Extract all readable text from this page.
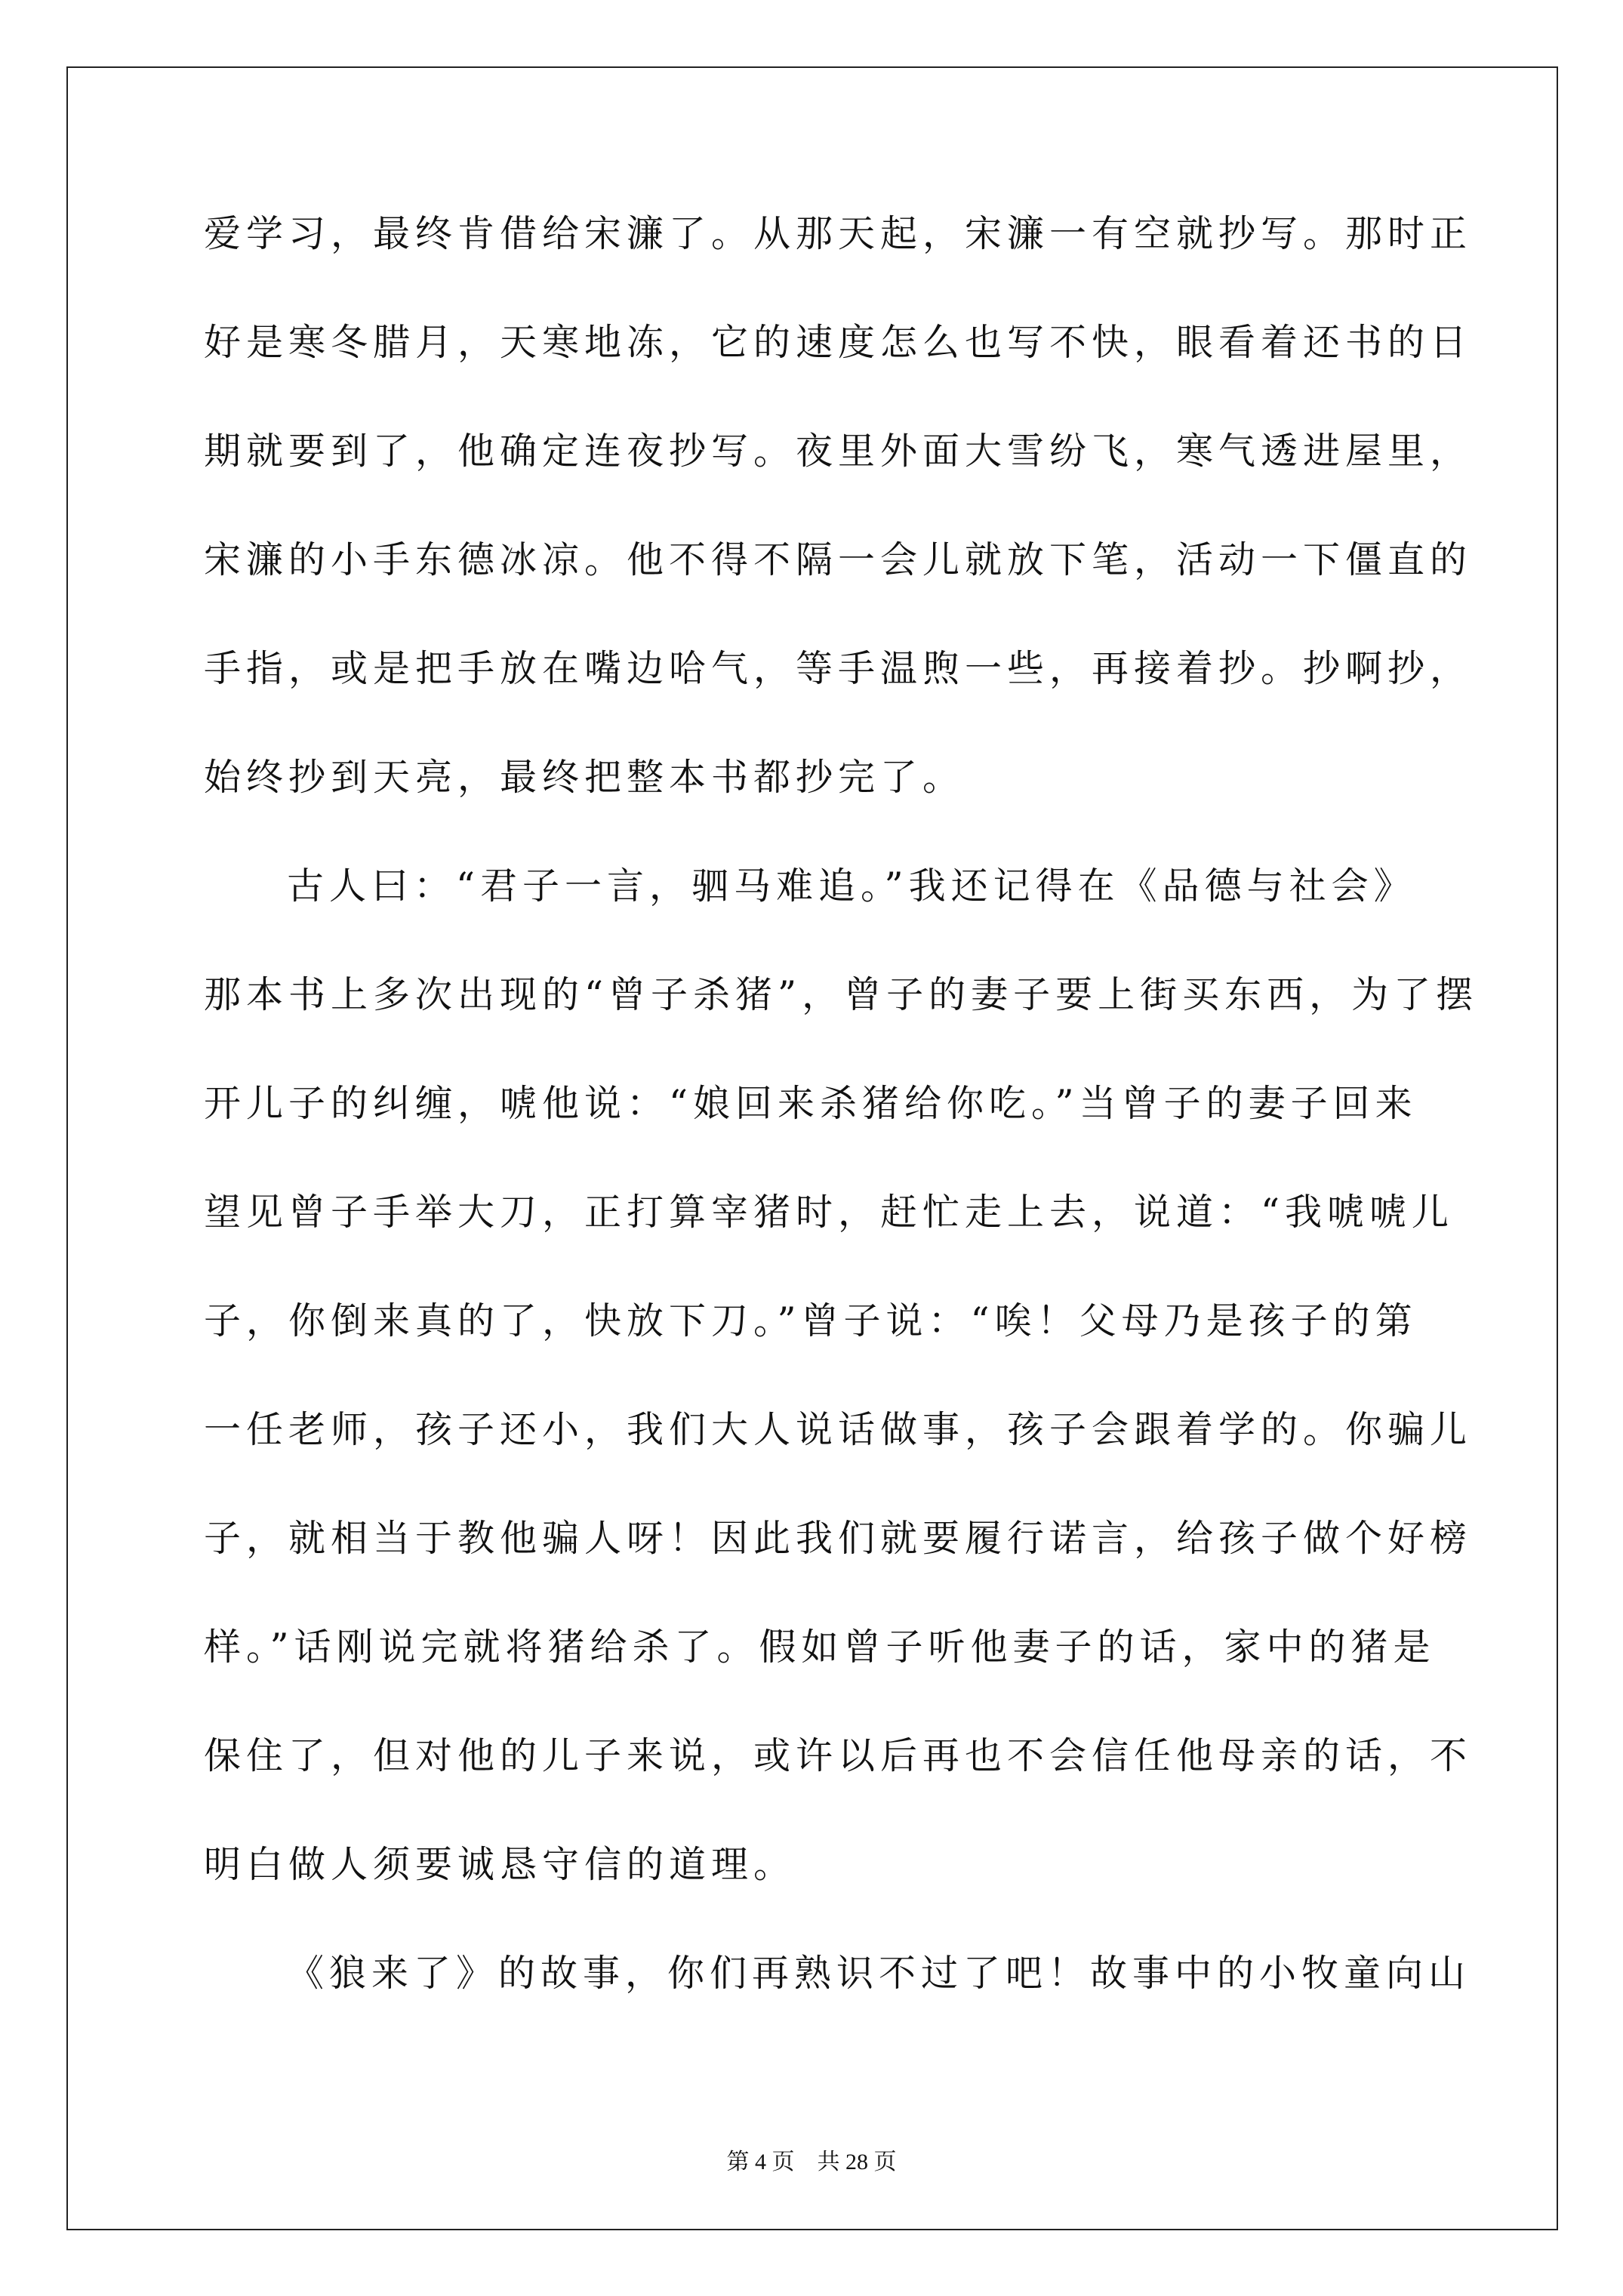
爱学习，最终肯借给宋濂了。从那天起，宋濂一有空就抄写。那时正
好是寒冬腊月，天寒地冻，它的速度怎么也写不快，眼看着还书的日
期就要到了，他确定连夜抄写。夜里外面大雪纷飞，寒气透进屋里，
宋濂的小手东德冰凉。他不得不隔一会儿就放下笔，活动一下僵直的
手指，或是把手放在嘴边哈气，等手温煦一些，再接着抄。抄啊抄，
始终抄到天亮，最终把整本书都抄完了。
古人曰：“君子一言，驷马难追。”我还记得在《品德与社会》
那本书上多次出现的“曾子杀猪”，曾子的妻子要上街买东西，为了摆
开儿子的纠缠，唬他说：“娘回来杀猪给你吃。”当曾子的妻子回来
望见曾子手举大刀，正打算宰猪时，赶忙走上去，说道：“我唬唬儿
子，你倒来真的了，快放下刀。”曾子说：“唉！父母乃是孩子的第
一任老师，孩子还小，我们大人说话做事，孩子会跟着学的。你骗儿
子，就相当于教他骗人呀！因此我们就要履行诺言，给孩子做个好榜
样。”话刚说完就将猪给杀了。假如曾子听他妻子的话，家中的猪是
保住了，但对他的儿子来说，或许以后再也不会信任他母亲的话，不
明白做人须要诚恳守信的道理。
《狼来了》的故事，你们再熟识不过了吧！故事中的小牧童向山
第 4 页　共 28 页
